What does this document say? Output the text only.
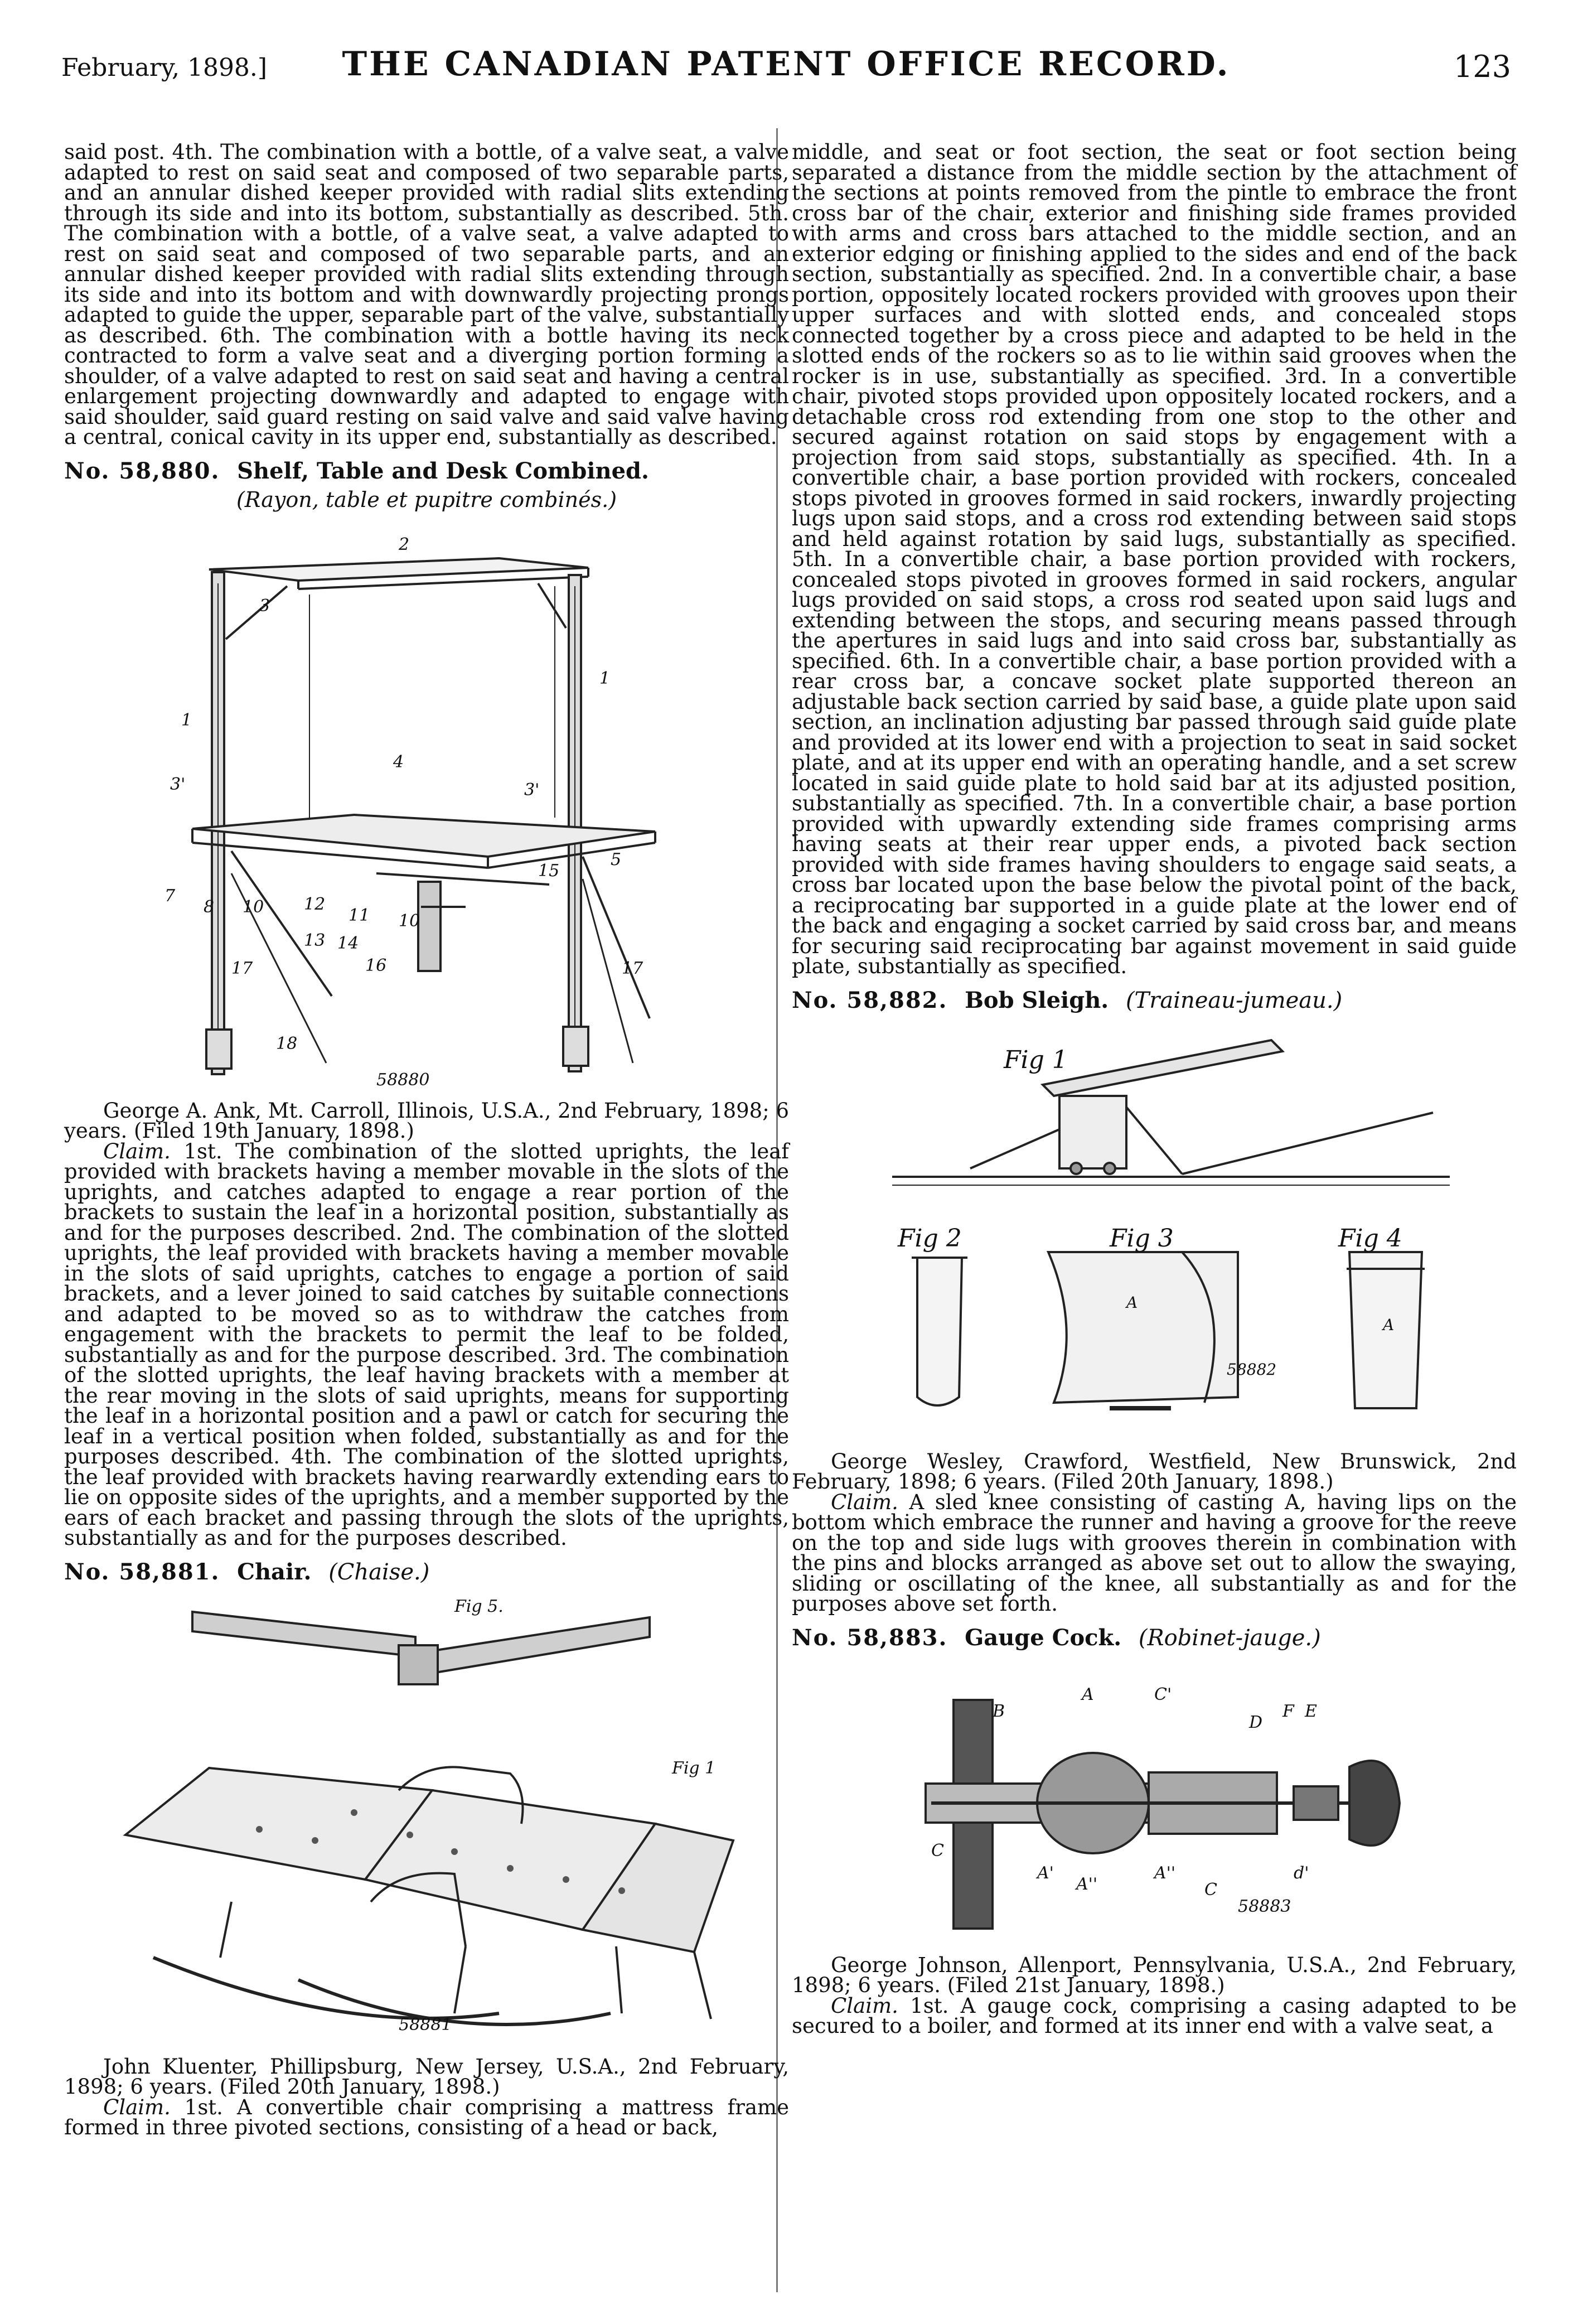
February, 1898.]	THE CANADIAN PATENT OFFICE RECORD.	123

said post. 4th. The combination with a bottle, of a valve seat, a valve adapted to rest on said seat and composed of two separable parts, and an annular dished keeper provided with radial slits extending through its side and into its bottom, substantially as described. 5th. The combination with a bottle, of a valve seat, a valve adapted to rest on said seat and composed of two separable parts, and an annular dished keeper provided with radial slits extending through its side and into its bottom and with downwardly projecting prongs adapted to guide the upper, separable part of the valve, substantially as described. 6th. The combination with a bottle having its neck contracted to form a valve seat and a diverging portion forming a shoulder, of a valve adapted to rest on said seat and having a central enlargement projecting downwardly and adapted to engage with said shoulder, said guard resting on said valve and said valve having a central, conical cavity in its upper end, substantially as described.

No. 58,880. Shelf, Table and Desk Combined.
(Rayon, table et pupitre combinés.)
2
3
1
3'
1
3'
4
7
8 10 12
11 10
13 14
16
17	17
18
15
5
58880

George A. Ank, Mt. Carroll, Illinois, U.S.A., 2nd February, 1898; 6 years. (Filed 19th January, 1898.)

Claim. 1st. The combination of the slotted uprights, the leaf provided with brackets having a member movable in the slots of the uprights, and catches adapted to engage a rear portion of the brackets to sustain the leaf in a horizontal position, substantially as and for the purposes described. 2nd. The combination of the slotted uprights, the leaf provided with brackets having a member movable in the slots of said uprights, catches to engage a portion of said brackets, and a lever joined to said catches by suitable connections and adapted to be moved so as to withdraw the catches from engagement with the brackets to permit the leaf to be folded, substantially as and for the purpose described. 3rd. The combination of the slotted uprights, the leaf having brackets with a member at the rear moving in the slots of said uprights, means for supporting the leaf in a horizontal position and a pawl or catch for securing the leaf in a vertical position when folded, substantially as and for the purposes described. 4th. The combination of the slotted uprights, the leaf provided with brackets having rearwardly extending ears to lie on opposite sides of the uprights, and a member supported by the ears of each bracket and passing through the slots of the uprights, substantially as and for the purposes described.

No. 58,881. Chair. (Chaise.)
Fig 5.
Fig 1
58881

John Kluenter, Phillipsburg, New Jersey, U.S.A., 2nd February, 1898; 6 years. (Filed 20th January, 1898.)

Claim. 1st. A convertible chair comprising a mattress frame formed in three pivoted sections, consisting of a head or back,

middle, and seat or foot section, the seat or foot section being separated a distance from the middle section by the attachment of the sections at points removed from the pintle to embrace the front cross bar of the chair, exterior and finishing side frames provided with arms and cross bars attached to the middle section, and an exterior edging or finishing applied to the sides and end of the back section, substantially as specified. 2nd. In a convertible chair, a base portion, oppositely located rockers provided with grooves upon their upper surfaces and with slotted ends, and concealed stops connected together by a cross piece and adapted to be held in the slotted ends of the rockers so as to lie within said grooves when the rocker is in use, substantially as specified. 3rd. In a convertible chair, pivoted stops provided upon oppositely located rockers, and a detachable cross rod extending from one stop to the other and secured against rotation on said stops by engagement with a projection from said stops, substantially as specified. 4th. In a convertible chair, a base portion provided with rockers, concealed stops pivoted in grooves formed in said rockers, inwardly projecting lugs upon said stops, and a cross rod extending between said stops and held against rotation by said lugs, substantially as specified. 5th. In a convertible chair, a base portion provided with rockers, concealed stops pivoted in grooves formed in said rockers, angular lugs provided on said stops, a cross rod seated upon said lugs and extending between the stops, and securing means passed through the apertures in said lugs and into said cross bar, substantially as specified. 6th. In a convertible chair, a base portion provided with a rear cross bar, a concave socket plate supported thereon an adjustable back section carried by said base, a guide plate upon said section, an inclination adjusting bar passed through said guide plate and provided at its lower end with a projection to seat in said socket plate, and at its upper end with an operating handle, and a set screw located in said guide plate to hold said bar at its adjusted position, substantially as specified. 7th. In a convertible chair, a base portion provided with upwardly extending side frames comprising arms having seats at their rear upper ends, a pivoted back section provided with side frames having shoulders to engage said seats, a cross bar located upon the base below the pivotal point of the back, a reciprocating bar supported in a guide plate at the lower end of the back and engaging a socket carried by said cross bar, and means for securing said reciprocating bar against movement in said guide plate, substantially as specified.

No. 58,882. Bob Sleigh. (Traineau-jumeau.)
Fig 1
Fig 2	Fig 3	Fig 4
A
A
58882

George Wesley, Crawford, Westfield, New Brunswick, 2nd February, 1898; 6 years. (Filed 20th January, 1898.)

Claim. A sled knee consisting of casting A, having lips on the bottom which embrace the runner and having a groove for the reeve on the top and side lugs with grooves therein in combination with the pins and blocks arranged as above set out to allow the swaying, sliding or oscillating of the knee, all substantially as and for the purposes above set forth.

No. 58,883. Gauge Cock. (Robinet-jauge.)
B
A	C'
D
F E
C
A'
A''
A''
C
d'
58883

George Johnson, Allenport, Pennsylvania, U.S.A., 2nd February, 1898; 6 years. (Filed 21st January, 1898.)

Claim. 1st. A gauge cock, comprising a casing adapted to be secured to a boiler, and formed at its inner end with a valve seat, a
